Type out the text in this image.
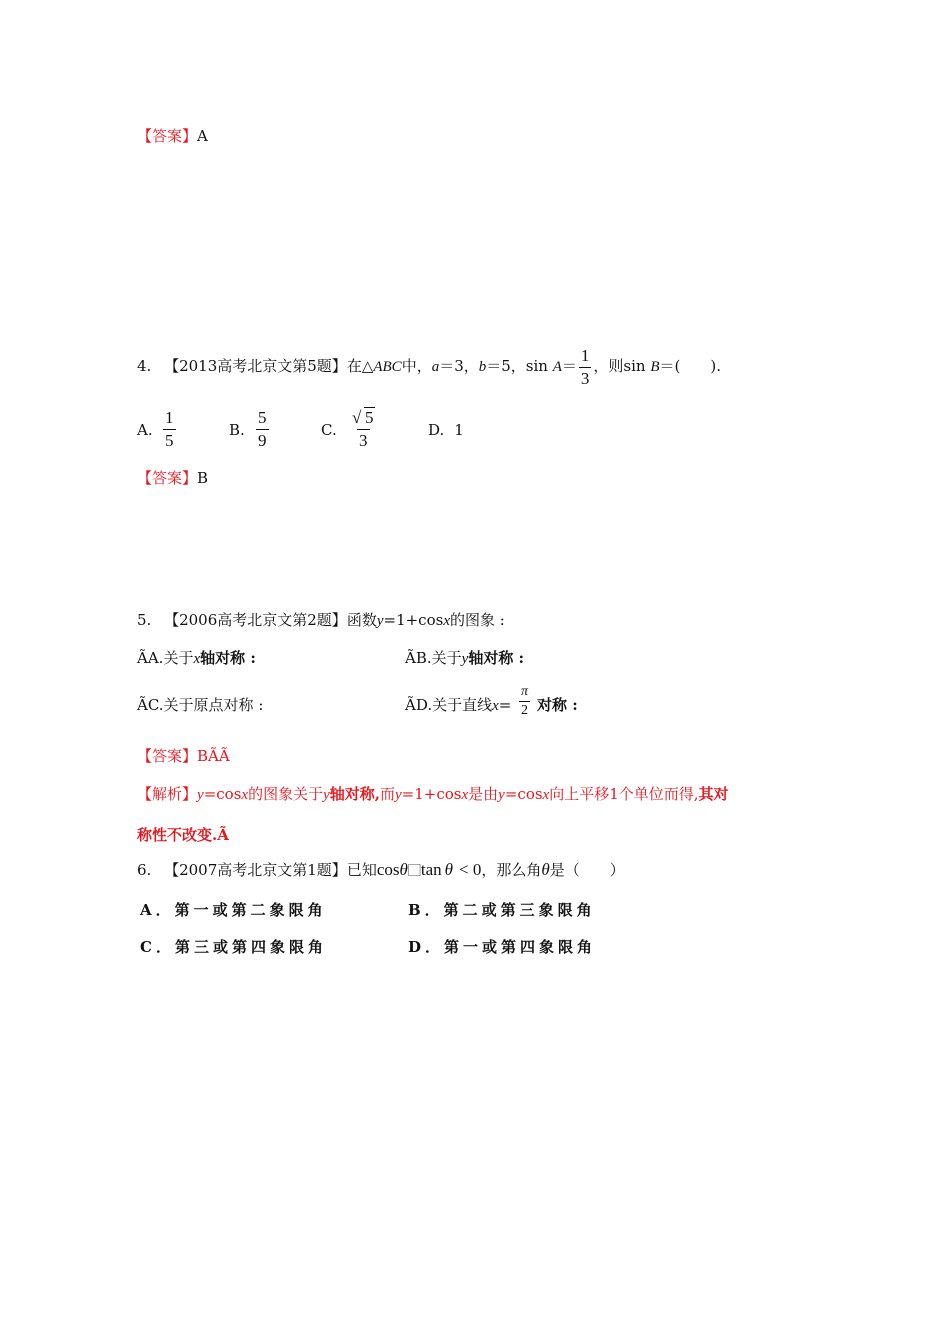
【答案】A
4. 【2013高考北京文第5题】在△ABC中，a＝3，b＝5，$\sin A= \frac{1}{3}$ ，则sin B＝(　　).
A. $\frac{1}{5}$	B. $\frac{5}{9}$	C. $\frac{√ 5}{3}$	D. 1
【答案】B
5. 【2006高考北京文第2题】函数y=1+cosx的图象 :
ÃA.关于x轴对称 :	ÃB.关于y轴对称 :
ÃC.关于原点对称 :	ÃD.关于直线$x= \frac{\pi}{2}$ 对称 :
【答案】BÃÃ
【解析】y=cosx的图象关于y轴对称,而y=1+cosx是由y=cosx向上平移1个单位而得,其对
称性不改变.Ã
6. 【2007高考北京文第1题】已知cosθ⃞tan θ < 0，那么角θ是（　　）
A．第一或第二象限角	B．第二或第三象限角
C．第三或第四象限角	D．第一或第四象限角
